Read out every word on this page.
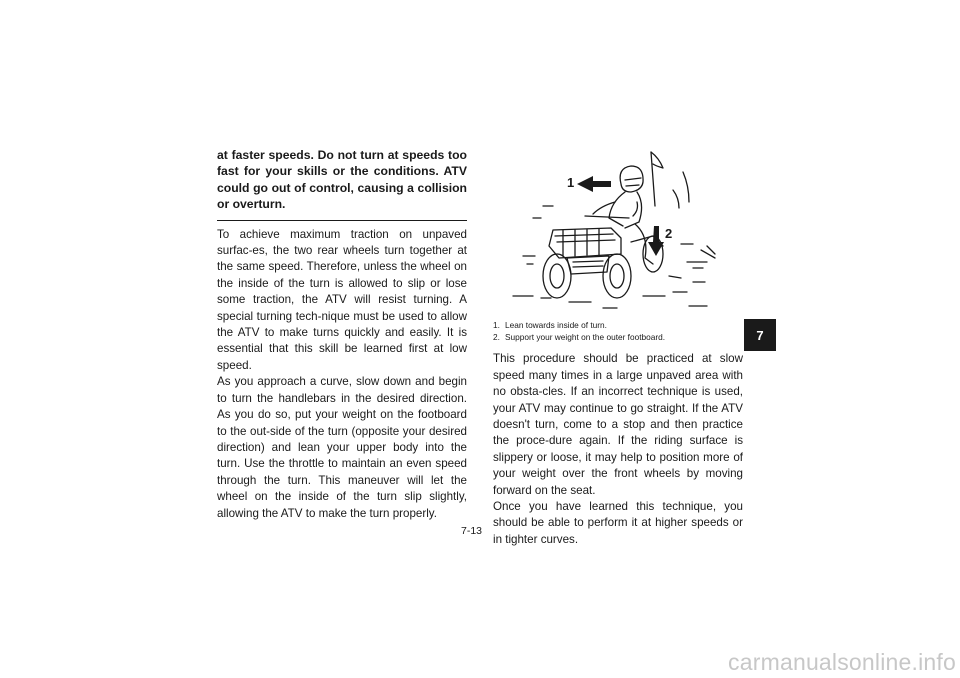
at faster speeds. Do not turn at speeds too fast for your skills or the conditions. ATV could go out of control, causing a collision or overturn.

To achieve maximum traction on unpaved surfac-es, the two rear wheels turn together at the same speed. Therefore, unless the wheel on the inside of the turn is allowed to slip or lose some traction, the ATV will resist turning. A special turning tech-nique must be used to allow the ATV to make turns quickly and easily. It is essential that this skill be learned first at low speed.

As you approach a curve, slow down and begin to turn the handlebars in the desired direction. As you do so, put your weight on the footboard to the out-side of the turn (opposite your desired direction) and lean your upper body into the turn. Use the throttle to maintain an even speed through the turn. This maneuver will let the wheel on the inside of the turn slip slightly, allowing the ATV to make the turn properly.

1
2
1. Lean towards inside of turn.
2. Support your weight on the outer footboard.

This procedure should be practiced at slow speed many times in a large unpaved area with no obsta-cles. If an incorrect technique is used, your ATV may continue to go straight. If the ATV doesn't turn, come to a stop and then practice the proce-dure again. If the riding surface is slippery or loose, it may help to position more of your weight over the front wheels by moving forward on the seat.

Once you have learned this technique, you should be able to perform it at higher speeds or in tighter curves.

7
7-13
carmanualsonline.info
